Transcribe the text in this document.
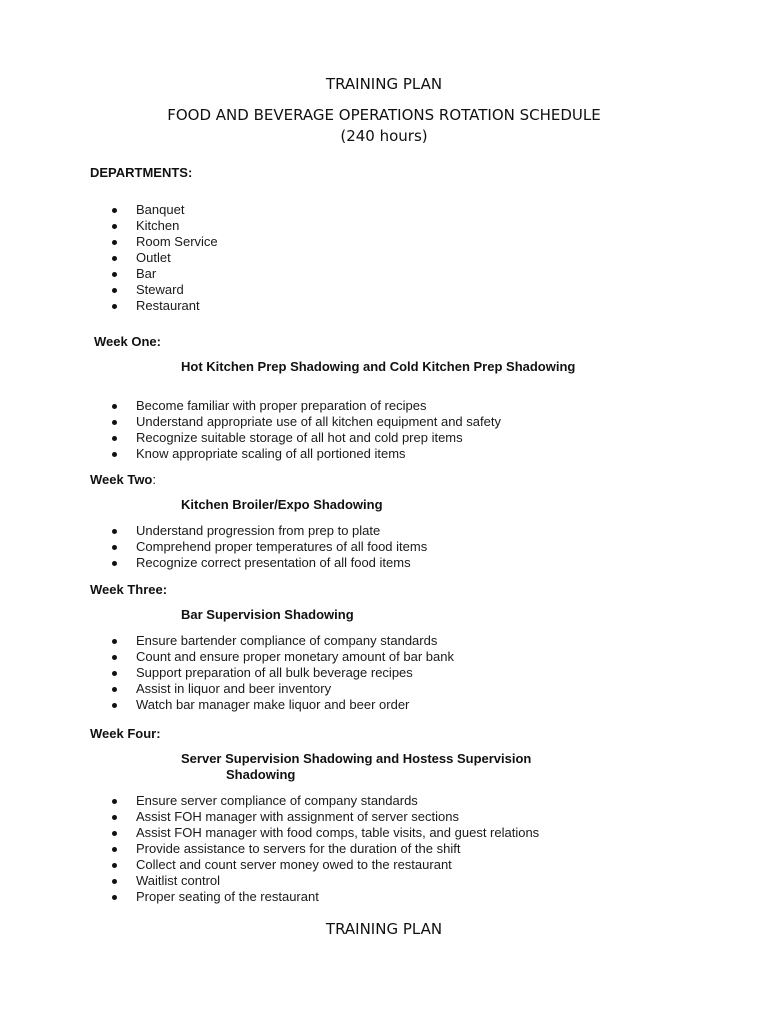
TRAINING PLAN
FOOD AND BEVERAGE OPERATIONS ROTATION SCHEDULE
(240 hours)
DEPARTMENTS:
Banquet
Kitchen
Room Service
Outlet
Bar
Steward
Restaurant
Week One:
Hot Kitchen Prep Shadowing and Cold Kitchen Prep Shadowing
Become familiar with proper preparation of recipes
Understand appropriate use of all kitchen equipment and safety
Recognize suitable storage of all hot and cold prep items
Know appropriate scaling of all portioned items
Week Two:
Kitchen Broiler/Expo Shadowing
Understand progression from prep to plate
Comprehend proper temperatures of all food items
Recognize correct presentation of all food items
Week Three:
Bar Supervision Shadowing
Ensure bartender compliance of company standards
Count and ensure proper monetary amount of bar bank
Support preparation of all bulk beverage recipes
Assist in liquor and beer inventory
Watch bar manager make liquor and beer order
Week Four:
Server Supervision Shadowing and Hostess Supervision
Shadowing
Ensure server compliance of company standards
Assist FOH manager with assignment of server sections
Assist FOH manager with food comps, table visits, and guest relations
Provide assistance to servers for the duration of the shift
Collect and count server money owed to the restaurant
Waitlist control
Proper seating of the restaurant
TRAINING PLAN
